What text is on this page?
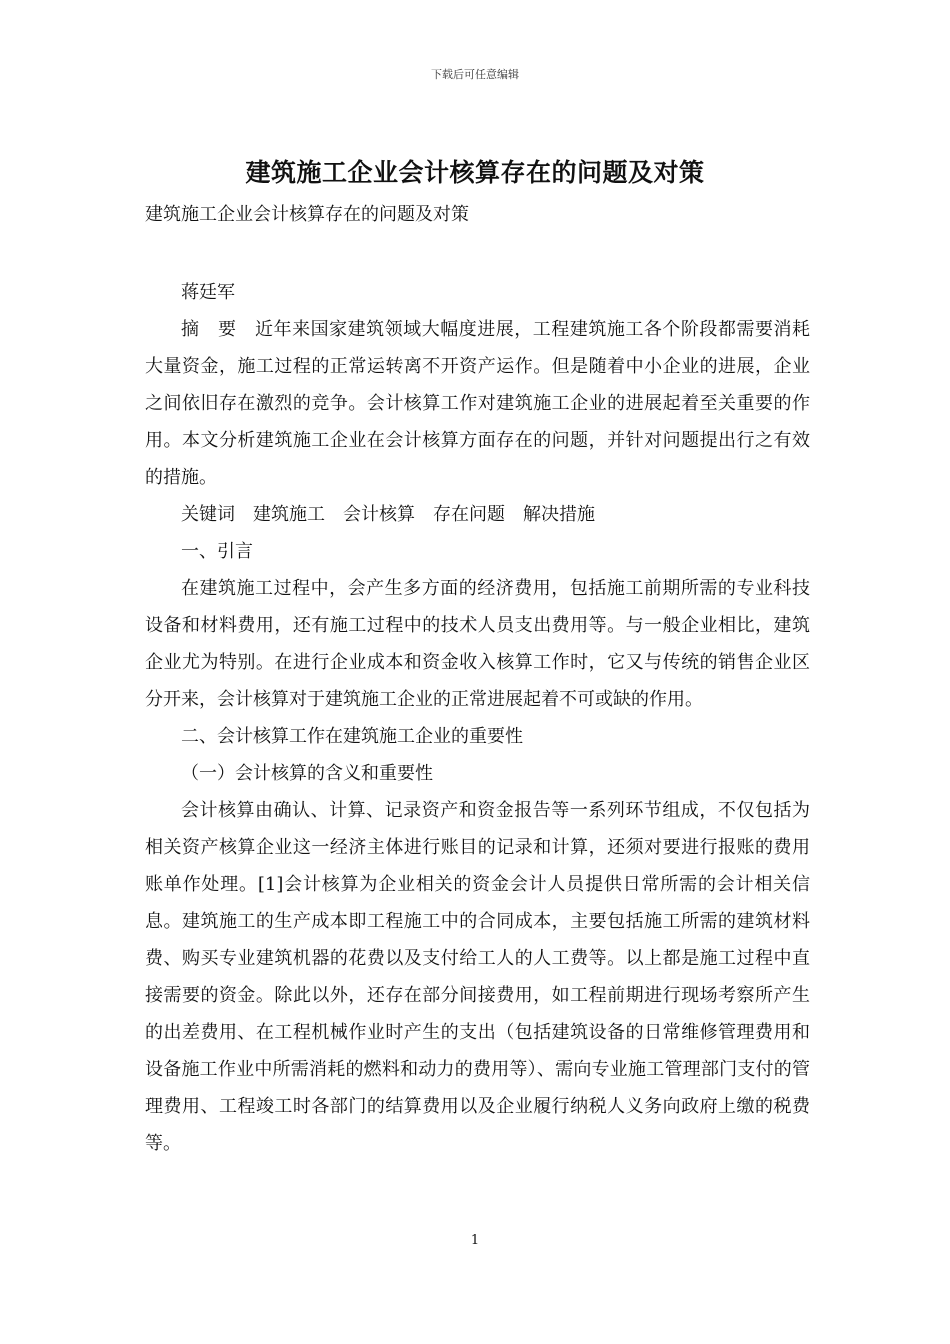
下载后可任意编辑
建筑施工企业会计核算存在的问题及对策
建筑施工企业会计核算存在的问题及对策

蒋廷军

摘　要　近年来国家建筑领域大幅度进展，工程建筑施工各个阶段都需要消耗大量资金，施工过程的正常运转离不开资产运作。但是随着中小企业的进展，企业之间依旧存在激烈的竞争。会计核算工作对建筑施工企业的进展起着至关重要的作用。本文分析建筑施工企业在会计核算方面存在的问题，并针对问题提出行之有效的措施。

关键词　建筑施工　会计核算　存在问题　解决措施

一、引言

在建筑施工过程中，会产生多方面的经济费用，包括施工前期所需的专业科技设备和材料费用，还有施工过程中的技术人员支出费用等。与一般企业相比，建筑企业尤为特别。在进行企业成本和资金收入核算工作时，它又与传统的销售企业区分开来，会计核算对于建筑施工企业的正常进展起着不可或缺的作用。

二、会计核算工作在建筑施工企业的重要性

（一）会计核算的含义和重要性

会计核算由确认、计算、记录资产和资金报告等一系列环节组成，不仅包括为相关资产核算企业这一经济主体进行账目的记录和计算，还须对要进行报账的费用账单作处理。[1]会计核算为企业相关的资金会计人员提供日常所需的会计相关信息。建筑施工的生产成本即工程施工中的合同成本，主要包括施工所需的建筑材料费、购买专业建筑机器的花费以及支付给工人的人工费等。以上都是施工过程中直接需要的资金。除此以外，还存在部分间接费用，如工程前期进行现场考察所产生的出差费用、在工程机械作业时产生的支出（包括建筑设备的日常维修管理费用和设备施工作业中所需消耗的燃料和动力的费用等）、需向专业施工管理部门支付的管理费用、工程竣工时各部门的结算费用以及企业履行纳税人义务向政府上缴的税费等。

1
